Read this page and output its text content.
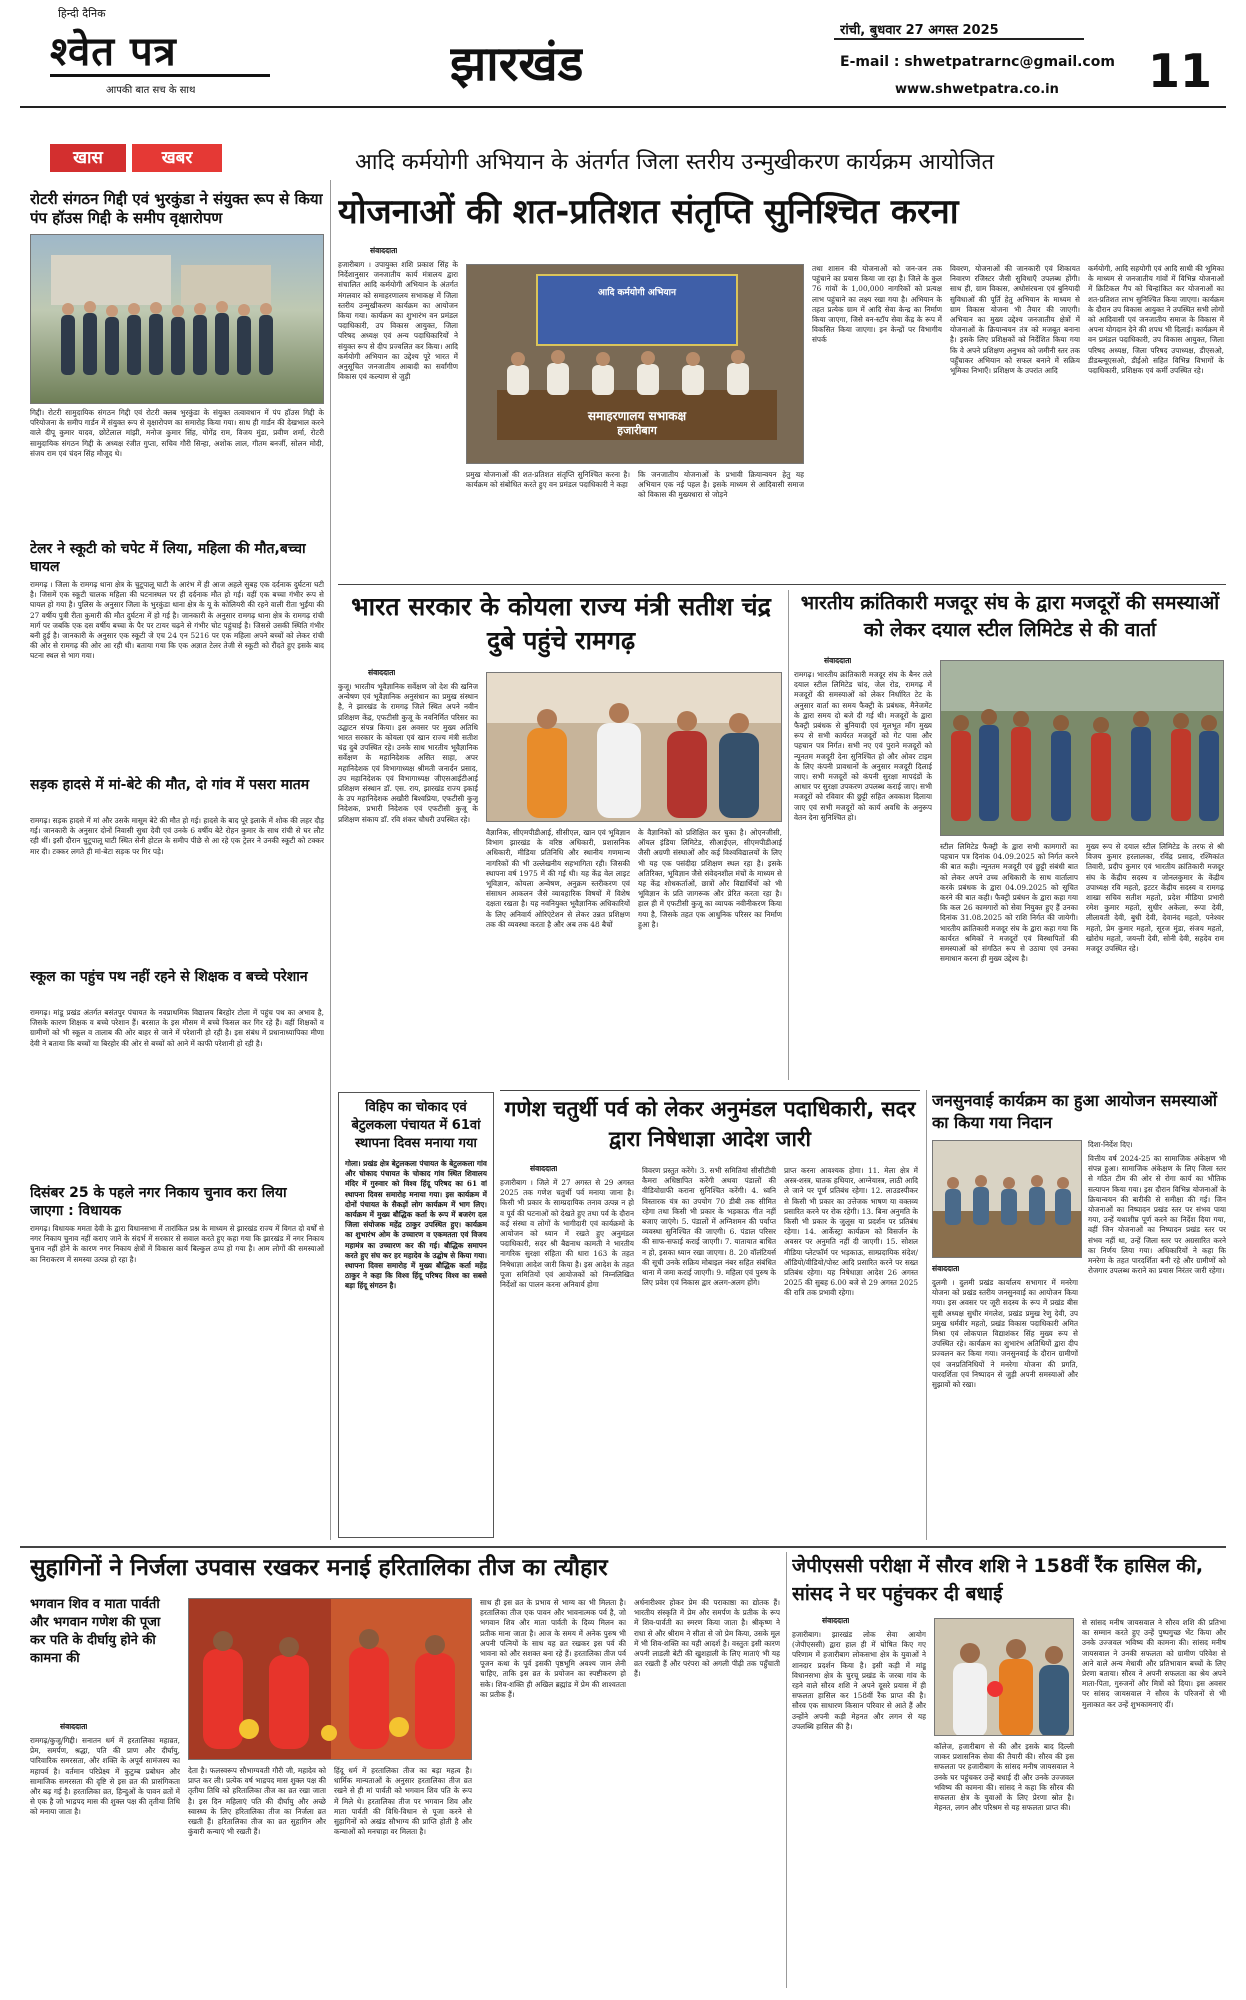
हिन्दी दैनिक
श्वेत पत्र
आपकी बात सच के साथ	झारखंड
रांची, बुधवार 27 अगस्त 2025
E-mail : shwetpatrarnc@gmail.com
www.shwetpatra.co.in 11
खास	खबर	आदि कर्मयोगी अभियान के अंतर्गत जिला स्तरीय उन्मुखीकरण कार्यक्रम आयोजित
रोटरी संगठन गिद्दी एवं भुरकुंडा ने संयुक्त रूप से किया पंप हॉउस गिद्दी के समीप वृक्षारोपण
गिद्दी। रोटरी सामुदायिक संगठन गिद्दी एवं रोटरी क्लब भुरकुंडा के संयुक्त तत्वावधान में पंप हॉउस गिद्दी के परियोजना के समीप गार्डन में संयुक्त रूप से वृक्षारोपण का समारोह किया गया। साथ ही गार्डन की देखभाल करने वाले दीपू कुमार यादव, छोटेलाल मांझी, मनोज कुमार सिंह, योगेंद्र राम, विजय मुंडा, प्रवीण शर्मा, रोटरी सामुदायिक संगठन गिद्दी के अध्यक्ष रंजीत गुप्ता, सचिव गौरी सिन्हा, अशोक लाल, गीतम बनर्जी, सोलन मोदी, संजय राम एवं चंदन सिंह मौजूद थे।
टेलर ने स्कूटी को चपेट में लिया, महिला की मौत,बच्चा घायल
रामगढ़ । जिला के रामगढ़ थाना क्षेत्र के चुटूपालू घाटी के आरंभ में ही आज अहले सुबह एक दर्दनाक दुर्घटना घटी है। जिसमें एक स्कूटी चालक महिला की घटनास्थल पर ही दर्दनाक मौत हो गई। वहीं एक बच्चा गंभीर रूप से घायल हो गया है। पुलिस के अनुसार जिला के भुरकुंडा थाना क्षेत्र के यू के कोलियरी की रहने वाली रीता भुईंया की 27 वर्षीय पुत्री रीता कुमारी की मौत दुर्घटना में हो गई है। जानकारी के अनुसार रामगढ़ थाना क्षेत्र के रामगढ़ रांची मार्ग पर जबकि एक दस वर्षीय बच्चा के पैर पर टायर चढ़ने से गंभीर चोट पहुंचाई है। जिससे उसकी स्थिति गंभीर बनी हुई है। जानकारी के अनुसार एक स्कूटी जे एच 24 एन 5216 पर एक महिला अपने बच्चों को लेकर रांची की ओर से रामगढ़ की ओर आ रही थी। बताया गया कि एक अज्ञात टेलर तेजी से स्कूटी को रौंदते हुए इसके बाद घटना स्थल से भाग गया।
सड़क हादसे में मां-बेटे की मौत, दो गांव में पसरा मातम
रामगढ़। सड़क हादसे में मां और उसके मासूम बेटे की मौत हो गई। हादसे के बाद पूरे इलाके में शोक की लहर दौड़ गई। जानकारी के अनुसार दोनों निवासी सुधा देवी एवं उनके 6 वर्षीय बेटे रोहन कुमार के साथ रांची से घर लौट रही थीं। इसी दौरान चुटूपालू घाटी स्थित सेनी होटल के समीप पीछे से आ रहे एक ट्रेलर ने उनकी स्कूटी को टक्कर मार दी। टक्कर लगते ही मां-बेटा सड़क पर गिर पड़े।
स्कूल का पहुंच पथ नहीं रहने से शिक्षक व बच्चे परेशान
रामगढ़। मांडू प्रखंड अंतर्गत बसंतपुर पंचायत के नवप्राथमिक विद्यालय बिरहोर टोला में पहुंच पथ का अभाव है, जिसके कारण शिक्षक व बच्चे परेशान हैं। बरसात के इस मौसम में बच्चे फिसल कर गिर रहे हैं। वहीं शिक्षकों व ग्रामीणों को भी स्कूल व तालाब की ओर बाहर से जाने में परेशानी हो रही है। इस संबंध में प्रधानाध्यापिका मीणा देवी ने बताया कि बच्चों या बिरहोर की ओर से बच्चों को आने में काफी परेशानी हो रही है।
दिसंबर 25 के पहले नगर निकाय चुनाव करा लिया जाएगा : विधायक
रामगढ़। विधायक ममता देवी के द्वारा विधानसभा में तारांकित प्रश्न के माध्यम से झारखंड राज्य में विगत दो वर्षों से नगर निकाय चुनाव नहीं कराए जाने के संदर्भ में सरकार से सवाल करते हुए कहा गया कि झारखंड में नगर निकाय चुनाव नहीं होने के कारण नगर निकाय क्षेत्रों में विकास कार्य बिल्कुल ठप्प हो गया है। आम लोगों की समस्याओं का निराकरण में समस्या उत्पन्न हो रहा है।
योजनाओं की शत-प्रतिशत संतृप्ति सुनिश्चित करना
संवाददाता
हजारीबाग । उपायुक्त शशि प्रकाश सिंह के निर्देशानुसार जनजातीय कार्य मंत्रालय द्वारा संचालित आदि कर्मयोगी अभियान के अंतर्गत मंगलवार को समाहरणालय सभाकक्ष में जिला स्तरीय उन्मुखीकरण कार्यक्रम का आयोजन किया गया। कार्यक्रम का शुभारंभ वन प्रमंडल पदाधिकारी, उप विकास आयुक्त, जिला परिषद अध्यक्ष एवं अन्य पदाधिकारियों ने संयुक्त रूप से दीप प्रज्वलित कर किया। आदि कर्मयोगी अभियान का उद्देश्य पूरे भारत में अनुसूचित जनजातीय आबादी का सर्वांगीण विकास एवं कल्याण से जुड़ी
आदि कर्मयोगी अभियान
समाहरणालय सभाकक्ष
हजारीबाग
प्रमुख योजनाओं की शत-प्रतिशत संतृप्ति सुनिश्चित करना है। कार्यक्रम को संबोधित करते हुए वन प्रमंडल पदाधिकारी ने कहा
कि जनजातीय योजनाओं के प्रभावी क्रियान्वयन हेतु यह अभियान एक नई पहल है। इसके माध्यम से आदिवासी समाज को विकास की मुख्यधारा से जोड़ने
तथा शासन की योजनाओं को जन-जन तक पहुंचाने का प्रयास किया जा रहा है। जिले के कुल 76 गांवों के 1,00,000 नागरिकों को प्रत्यक्ष लाभ पहुंचाने का लक्ष्य रखा गया है। अभियान के तहत प्रत्येक ग्राम में आदि सेवा केन्द्र का निर्माण किया जाएगा, जिसे वन-स्टॉप सेवा केंद्र के रूप में विकसित किया जाएगा। इन केन्द्रों पर विभागीय संपर्क
विवरण, योजनाओं की जानकारी एवं शिकायत निवारण रजिस्टर जैसी सुविधाएँ उपलब्ध होंगी। साथ ही, ग्राम विकास, अधोसंरचना एवं बुनियादी सुविधाओं की पूर्ति हेतु अभियान के माध्यम से ग्राम विकास योजना भी तैयार की जाएगी। अभियान का मुख्य उद्देश्य जनजातीय क्षेत्रों में योजनाओं के क्रियान्वयन तंत्र को मजबूत बनाना है। इसके लिए प्रशिक्षकों को निर्देशित किया गया कि वे अपने प्रशिक्षण अनुभव को जमीनी स्तर तक पहुँचाकर अभियान को सफल बनाने में सक्रिय भूमिका निभाएँ। प्रशिक्षण के उपरांत आदि
कर्मयोगी, आदि सहयोगी एवं आदि साथी की भूमिका के माध्यम से जनजातीय गांवों में विभिन्न योजनाओं में क्रिटिकल गैप को चिन्हांकित कर योजनाओं का शत-प्रतिशत लाभ सुनिश्चित किया जाएगा। कार्यक्रम के दौरान उप विकास आयुक्त ने उपस्थित सभी लोगों को आदिवासी एवं जनजातीय समाज के विकास में अपना योगदान देने की शपथ भी दिलाई। कार्यक्रम में वन प्रमंडल पदाधिकारी, उप विकास आयुक्त, जिला परिषद अध्यक्ष, जिला परिषद उपाध्यक्ष, डीएसओ, डीडब्ल्यूएसओ, डीईओ सहित विभिन्न विभागों के पदाधिकारी, प्रशिक्षक एवं कर्मी उपस्थित रहे।
भारत सरकार के कोयला राज्य मंत्री सतीश चंद्र दुबे पहुंचे रामगढ़
संवाददाता
कुजू। भारतीय भूवैज्ञानिक सर्वेक्षण जो देश की खनिज अन्वेषण एवं भूवैज्ञानिक अनुसंधान का प्रमुख संस्थान है, ने झारखंड के रामगढ़ जिले स्थित अपने नवीन प्रशिक्षण केंद्र, एफटीसी कुजू के नवनिर्मित परिसर का उद्घाटन संपन्न किया। इस अवसर पर मुख्य अतिथि भारत सरकार के कोयला एवं खान राज्य मंत्री सतीश चंद्र दुबे उपस्थित रहे। उनके साथ भारतीय भूवैज्ञानिक सर्वेक्षण के महानिदेशक असित साहा, अपर महानिदेशक एवं विभागाध्यक्ष श्रीमती जनार्दन प्रसाद, उप महानिदेशक एवं विभागाध्यक्ष जीएसआईटीआई प्रशिक्षण संस्थान डॉ. एस. राय, झारखंड राज्य इकाई के उप महानिदेशक अखौरी बिश्वप्रिया, एफटीसी कुजू निदेशक, प्रभारी निदेशक एवं एफटीसी कुजू के प्रशिक्षण संकाय डॉ. रवि शंकर चौधरी उपस्थित रहे।
वैज्ञानिक, सीएमपीडीआई, सीसीएल, खान एवं भूविज्ञान विभाग झारखंड के वरिष्ठ अधिकारी, प्रशासनिक अधिकारी, मीडिया प्रतिनिधि और स्थानीय गणमान्य नागरिकों की भी उल्लेखनीय सहभागिता रही। जिसकी स्थापना वर्ष 1975 में की गई थी। यह केंद्र वेल लाइट भूविज्ञान, कोयला अन्वेषण, अनुक्रम स्तरीकरण एवं संसाधन आकलन जैसे व्यावहारिक विषयों में विशेष दक्षता रखता है। यह नवनियुक्त भूवैज्ञानिक अधिकारियों के लिए अनिवार्य ओरिएंटेशन से लेकर उन्नत प्रशिक्षण तक की व्यवस्था करता है और अब तक 48 बैचों
के वैज्ञानिकों को प्रशिक्षित कर चुका है। ओएनजीसी, ऑयल इंडिया लिमिटेड, सीआईएल, सीएमपीडीआई जैसी अग्रणी संस्थाओं और कई विश्वविद्यालयों के लिए भी यह एक पसंदीदा प्रशिक्षण स्थल रहा है। इसके अतिरिक्त, भूविज्ञान जैसे संवेदनशील मंचों के माध्यम से यह केंद्र शोधकर्ताओं, छात्रों और विद्यार्थियों को भी भूविज्ञान के प्रति जागरूक और प्रेरित करता रहा है। हाल ही में एफटीसी कुजू का व्यापक नवीनीकरण किया गया है, जिसके तहत एक आधुनिक परिसर का निर्माण हुआ है।
भारतीय क्रांतिकारी मजदूर संघ के द्वारा मजदूरों की समस्याओं को लेकर दयाल स्टील लिमिटेड से की वार्ता
संवाददाता
रामगढ़। भारतीय क्रांतिकारी मजदूर संघ के बैनर तले दयाल स्टील लिमिटेड चांद, जेल रोड, रामगढ़ में मजदूरों की समस्याओं को लेकर निर्धारित टेट के अनुसार वार्ता का समय फैक्ट्री के प्रबंधक, मैनेजमेंट के द्वारा समय दो बजे दी गई थी। मजदूरों के द्वारा फैक्ट्री प्रबंधक से बुनियादी एवं मूलभूत माँग मुख्य रूप से सभी कार्यरत मजदूरों को गेट पास और पहचान पत्र निर्गत। सभी नए एवं पुराने मजदूरों को न्यूनतम मजदूरी देना सुनिश्चित हो और ओवर टाइम के लिए कंपनी प्रावधानों के अनुसार मजदूरी दिलाई जाए। सभी मजदूरों को कंपनी सुरक्षा मापदंडों के आधार पर सुरक्षा उपकरण उपलब्ध कराई जाए। सभी मजदूरों को रविवार की छुट्टी सहित अवकाश दिलाया जाए एवं सभी मजदूरों को कार्य अवधि के अनुरूप वेतन देना सुनिश्चित हो।
स्टील लिमिटेड फैक्ट्री के द्वारा सभी कामगारों का पहचान पत्र दिनांक 04.09.2025 को निर्गत करने की बात कही। न्यूनतम मजदूरी एवं छुट्टी संबंधी बात को लेकर अपने उच्च अधिकारी के साथ वार्तालाप करके प्रबंधक के द्वारा 04.09.2025 को सूचित करने की बात कही। फैक्ट्री प्रबंधन के द्वारा कहा गया कि कल 26 कामगारों को सेवा नियुक्त हुए हैं उनका दिनांक 31.08.2025 को राशि निर्गत की जायेगी। भारतीय क्रांतिकारी मजदूर संघ के द्वारा कहा गया कि कार्यरत श्रमिकों ने मजदूरों एवं विस्थापितों की समस्याओं को संगठित रूप से उठाया एवं उनका समाधान करना ही मुख्य उद्देश्य है।
मुख्य रूप से दयाल स्टील लिमिटेड के तरफ से श्री विजय कुमार हरलालका, रविंद्र प्रसाद, रश्मिकांत तिवारी, प्रदीप कुमार एवं भारतीय क्रांतिकारी मजदूर संघ के केंद्रीय सदस्य व जोनलकुमार के केंद्रीय उपाध्यक्ष रवि महतो, इटटर केंद्रीय सदस्य व रामगढ़ शाखा सचिव सतीश महतो, प्रदेश मीडिया प्रभारी रमेश कुमार महतो, सुधीर अकेला, रूपा देवी, लीलावती देवी, बुधी देवी, देवानंद महतो, पनेश्वर महतो, प्रेम कुमार महतो, सूरज मुंडा, संजय महतो, खोरोध महतो, जयन्ती देवी, सोनी देवी, सहदेव राम मजदूर उपस्थित रहे।
विहिप का चोकाद एवं बेटुलकला पंचायत में 61वां स्थापना दिवस मनाया गया
गोला। प्रखंड क्षेत्र बेटुलकला पंचायत के बेटुलकला गांव और चोकाद पंचायत के चोकाद गांव स्थित शिवालय मंदिर में गुरुवार को विश्व हिंदू परिषद का 61 वां स्थापना दिवस समारोह मनाया गया। इस कार्यक्रम में दोनों पंचायत के सैकड़ों लोग कार्यक्रम में भाग लिए। कार्यक्रम में मुख्य बौद्धिक कर्ता के रूप में बजरंग दल जिला संयोजक महेंद्र ठाकुर उपस्थित हुए। कार्यक्रम का शुभारंभ ओम के उच्चारण व एकमतता एवं विजय महामंत्र का उच्चारण कर की गई। बौद्धिक समापन करते हुए संघ कर हर महादेव के उद्घोष से किया गया। स्थापना दिवस समारोह में मुख्य बौद्धिक कर्ता महेंद्र ठाकुर ने कहा कि विश्व हिंदू परिषद विश्व का सबसे बड़ा हिंदू संगठन है।
गणेश चतुर्थी पर्व को लेकर अनुमंडल पदाधिकारी, सदर द्वारा निषेधाज्ञा आदेश जारी
संवाददाता
हजारीबाग । जिले में 27 अगस्त से 29 अगस्त 2025 तक गणेश चतुर्थी पर्व मनाया जाना है। किसी भी प्रकार के साम्प्रदायिक तनाव उत्पन्न न हो व पूर्व की घटनाओं को देखते हुए तथा पर्व के दौरान कई संस्था व लोगों के भागीदारी एवं कार्यक्रमों के आयोजन को ध्यान में रखते हुए अनुमंडल पदाधिकारी, सदर श्री बैद्यनाथ कामती ने भारतीय नागरिक सुरक्षा संहिता की धारा 163 के तहत निषेधाज्ञा आदेश जारी किया है। इस आदेश के तहत पूजा समितियों एवं आयोजकों को निम्नलिखित निर्देशों का पालन करना अनिवार्य होगा
विवरण प्रस्तुत करेंगे। 3. सभी समितियां सीसीटीवी कैमरा अधिष्ठापित करेंगी अथवा पंडालों की वीडियोग्राफी कराना सुनिश्चित करेंगी। 4. ध्वनि विस्तारक यंत्र का उपयोग 70 डीबी तक सीमित रहेगा तथा किसी भी प्रकार के भड़काऊ गीत नहीं बजाए जाएंगे। 5. पंडालों में अग्निशमन की पर्याप्त व्यवस्था सुनिश्चित की जाएगी। 6. पंडाल परिसर की साफ-सफाई कराई जाएगी। 7. यातायात बाधित न हो, इसका ध्यान रखा जाएगा। 8. 20 वॉलंटियर्स की सूची उनके सक्रिय मोबाइल नंबर सहित संबंधित थाना में जमा कराई जाएगी। 9. महिला एवं पुरुष के लिए प्रवेश एवं निकास द्वार अलग-अलग होंगे।
प्राप्त करना आवश्यक होगा। 11. मेला क्षेत्र में अस्त्र-शस्त्र, घातक हथियार, आग्नेयास्त्र, लाठी आदि ले जाने पर पूर्ण प्रतिबंध रहेगा। 12. लाउडस्पीकर से किसी भी प्रकार का उत्तेजक भाषण या वक्तव्य प्रसारित करने पर रोक रहेगी। 13. बिना अनुमति के किसी भी प्रकार के जुलूस या प्रदर्शन पर प्रतिबंध रहेगा। 14. आर्केस्ट्रा कार्यक्रम को विसर्जन के अवसर पर अनुमति नहीं दी जाएगी। 15. सोशल मीडिया प्लेटफॉर्म पर भड़काऊ, साम्प्रदायिक संदेश/ऑडियो/वीडियो/पोस्ट आदि प्रसारित करने पर सख्त प्रतिबंध रहेगा। यह निषेधाज्ञा आदेश 26 अगस्त 2025 की सुबह 6.00 बजे से 29 अगस्त 2025 की रात्रि तक प्रभावी रहेगा।
जनसुनवाई कार्यक्रम का हुआ आयोजन समस्याओं का किया गया निदान
दिशा-निर्देश दिए।
संवाददाता
दुलमी । दुलमी प्रखंड कार्यालय सभागार में मनरेगा योजना को प्रखंड स्तरीय जनसुनवाई का आयोजन किया गया। इस अवसर पर जूरी सदस्य के रूप में प्रखंड बीस सूत्री अध्यक्ष सुधीर मंगलेश, प्रखंड प्रमुख रेणु देवी, उप प्रमुख धर्मवीर महतो, प्रखंड विकास पदाधिकारी अमित मिश्रा एवं लोकपाल विद्याशंकर सिंह मुख्य रूप से उपस्थित रहे। कार्यक्रम का शुभारंभ अतिथियों द्वारा दीप प्रज्वलन कर किया गया। जनसुनवाई के दौरान ग्रामीणों एवं जनप्रतिनिधियों ने मनरेगा योजना की प्रगति, पारदर्शिता एवं निष्पादन से जुड़ी अपनी समस्याओं और सुझावों को रखा।
वित्तीय वर्ष 2024-25 का सामाजिक अंकेक्षण भी संपन्न हुआ। सामाजिक अंकेक्षण के लिए जिला स्तर से गठित टीम की ओर से रोगा कार्य का भौतिक सत्यापन किया गया। इस दौरान विभिन्न योजनाओं के क्रियान्वयन की बारीकी से समीक्षा की गई। जिन योजनाओं का निष्पादन प्रखंड स्तर पर संभव पाया गया, उन्हें यथाशीघ्र पूर्ण करने का निर्देश दिया गया, वहीं जिन योजनाओं का निष्पादन प्रखंड स्तर पर संभव नहीं था, उन्हें जिला स्तर पर अग्रसारित करने का निर्णय लिया गया। अधिकारियों ने कहा कि मनरेगा के तहत पारदर्शिता बनी रहे और ग्रामीणों को रोजगार उपलब्ध कराने का प्रयास निरंतर जारी रहेगा।
सुहागिनों ने निर्जला उपवास रखकर मनाई हरितालिका तीज का त्यौहार
भगवान शिव व माता पार्वती और भगवान गणेश की पूजा कर पति के दीर्घायु होने की कामना की
संवाददाता
रामगढ़/कुजू/गिद्दी। सनातन धर्म में हरतालिका महाव्रत, प्रेम, समर्पण, श्रद्धा, पति की प्राण और दीर्घायु, पारिवारिक समरसता, और शक्ति के अपूर्व सामंजस्य का महापर्व है। वर्तमान परिप्रेक्ष्य में कुटुम्ब प्रबोधन और सामाजिक समरसता की दृष्टि से इस व्रत की प्रासंगिकता और बढ़ गई है। हरतालिका व्रत, हिन्दुओं के पावन व्रतों में से एक है जो भाद्रपद मास की शुक्ल पक्ष की तृतीया तिथि को मनाया जाता है।
देता है। फलस्वरूप सौभाग्यवती गौरी जी, महादेव को प्राप्त कर ली। प्रत्येक वर्ष भाद्रपद मास शुक्ल पक्ष की तृतीया तिथि को हरितालिका तीज का व्रत रखा जाता है। इस दिन महिलाएं पति की दीर्घायु और अच्छे स्वास्थ्य के लिए हरितालिका तीज का निर्जला व्रत रखती हैं। हरितालिका तीज का व्रत सुहागिन और कुंवारी कन्याएं भी रखती हैं।
हिंदू धर्म में हरतालिका तीज का बड़ा महत्व है। धार्मिक मान्यताओं के अनुसार हरतालिका तीज व्रत रखने से ही मां पार्वती को भगवान शिव पति के रूप में मिले थे। हरतालिका तीज पर भगवान शिव और माता पार्वती की विधि-विधान से पूजा करने से सुहागिनों को अखंड सौभाग्य की प्राप्ति होती है और कन्याओं को मनचाहा वर मिलता है।
साथ ही इस व्रत के प्रभाव से भाग्य का भी मिलता है। हरतालिका तीज एक पावन और भावनात्मक पर्व है, जो भगवान शिव और माता पार्वती के दिव्य मिलन का प्रतीक माना जाता है। आज के समय में अनेक पुरुष भी अपनी पत्नियों के साथ यह व्रत रखकर इस पर्व की भावना को और सशक्त बना रहे हैं। हरतालिका तीज पर्व पूजन कथा के पूर्व इसकी पृष्ठभूमि अवश्य जान लेनी चाहिए, ताकि इस व्रत के प्रयोजन का स्पष्टीकरण हो सके। शिव-शक्ति ही अखिल ब्रह्मांड में प्रेम की शाश्वतता का प्रतीक हैं।
अर्धनारीश्वर होकर प्रेम की पराकाष्ठा का द्योतक हैं। भारतीय संस्कृति में प्रेम और समर्पण के प्रतीक के रूप में शिव-पार्वती का स्मरण किया जाता है। श्रीकृष्ण ने राधा से और श्रीराम ने सीता से जो प्रेम किया, उसके मूल में भी शिव-शक्ति का यही आदर्श है। वस्तुतः इसी कारण अपनी लाडली बेटी की खुशहाली के लिए माताएं भी यह व्रत रखती हैं और परंपरा को अगली पीढ़ी तक पहुँचाती हैं।
जेपीएससी परीक्षा में सौरव शशि ने 158वीं रैंक हासिल की, सांसद ने घर पहुंचकर दी बधाई
संवाददाता
हजारीबाग। झारखंड लोक सेवा आयोग (जेपीएससी) द्वारा हाल ही में घोषित किए गए परिणाम में हजारीबाग लोकसभा क्षेत्र के युवाओं ने शानदार प्रदर्शन किया है। इसी कड़ी में मांडू विधानसभा क्षेत्र के चुरचू प्रखंड के जरबा गांव के रहने वाले सौरव शशि ने अपने दूसरे प्रयास में ही सफलता हासिल कर 158वीं रैंक प्राप्त की है। सौरव एक साधारण किसान परिवार से आते हैं और उन्होंने अपनी कड़ी मेहनत और लगन से यह उपलब्धि हासिल की है।
कॉलेज, हजारीबाग से की और इसके बाद दिल्ली जाकर प्रशासनिक सेवा की तैयारी की। सौरव की इस सफलता पर हजारीबाग के सांसद मनीष जायसवाल ने उनके घर पहुंचकर उन्हें बधाई दी और उनके उज्जवल भविष्य की कामना की। सांसद ने कहा कि सौरव की सफलता क्षेत्र के युवाओं के लिए प्रेरणा स्रोत है। मेहनत, लगन और परिश्रम से यह सफलता प्राप्त की।
से सांसद मनीष जायसवाल ने सौरव शशि की प्रतिभा का सम्मान करते हुए उन्हें पुष्पगुच्छ भेंट किया और उनके उज्जवल भविष्य की कामना की। सांसद मनीष जायसवाल ने उनकी सफलता को ग्रामीण परिवेश से आने वाले अन्य मेधावी और प्रतिभावान बच्चों के लिए प्रेरणा बताया। सौरव ने अपनी सफलता का श्रेय अपने माता-पिता, गुरुजनों और मित्रों को दिया। इस अवसर पर सांसद जायसवाल ने सौरव के परिजनों से भी मुलाकात कर उन्हें शुभकामनाएं दीं।
